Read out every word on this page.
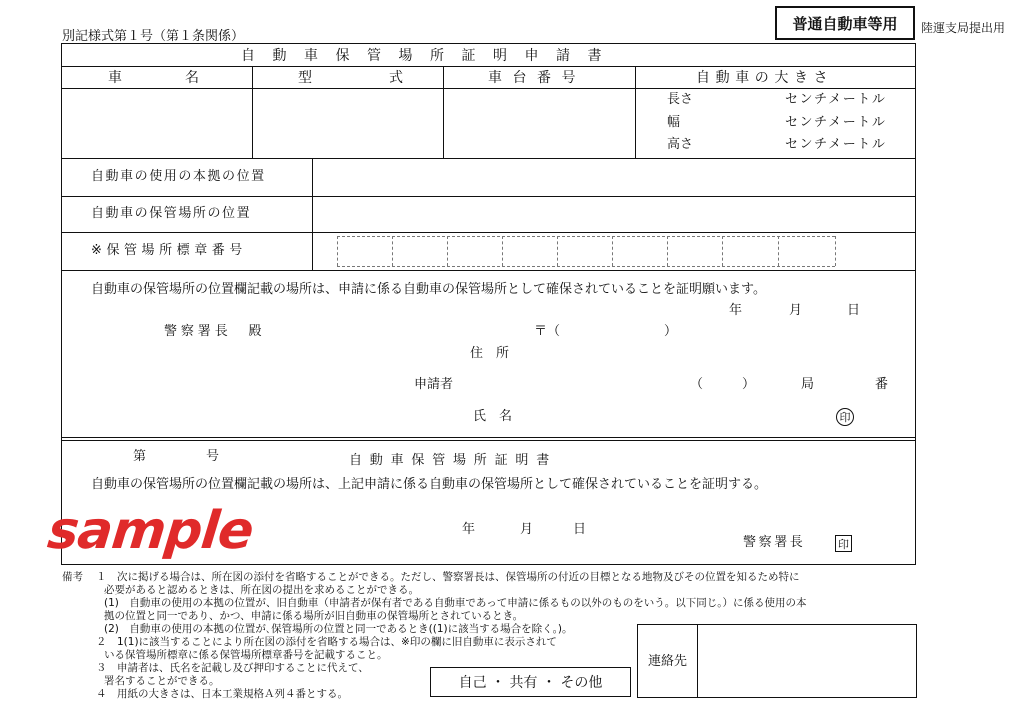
別記様式第１号（第１条関係）
普通自動車等用 陸運支局提出用
自動車保管場所証明申請書
車名	型式 車台番号	自動車の大きさ
長さ	センチメートル
幅	センチメートル
高さ	センチメートル
自動車の使用の本拠の位置
自動車の保管場所の位置
※保管場所標章番号
自動車の保管場所の位置欄記載の場所は、申請に係る自動車の保管場所として確保されていることを証明願います。
年	月	日
警察署長　殿	〒（　　　　　　　　）
住　所
申請者	（　　　）	局	番
氏　名	印
第	号	自動車保管場所証明書
自動車の保管場所の位置欄記載の場所は、上記申請に係る自動車の保管場所として確保されていることを証明する。
年	月	日
警察署長	印
sample
備考 １　次に掲げる場合は、所在図の添付を省略することができる。ただし、警察署長は、保管場所の付近の目標となる地物及びその位置を知るため特に
必要があると認めるときは、所在図の提出を求めることができる。
(1)　自動車の使用の本拠の位置が、旧自動車（申請者が保有者である自動車であって申請に係るもの以外のものをいう。以下同じ。）に係る使用の本
拠の位置と同一であり、かつ、申請に係る場所が旧自動車の保管場所とされているとき。
(2)　自動車の使用の本拠の位置が､保管場所の位置と同一であるとき((1)に該当する場合を除く｡)｡
２　1(1)に該当することにより所在図の添付を省略する場合は、※印の欄に旧自動車に表示されて
いる保管場所標章に係る保管場所標章番号を記載すること。
３　申請者は、氏名を記載し及び押印することに代えて、
署名することができる。
４　用紙の大きさは、日本工業規格Ａ列４番とする。
自己 ・ 共有 ・ その他
連絡先
